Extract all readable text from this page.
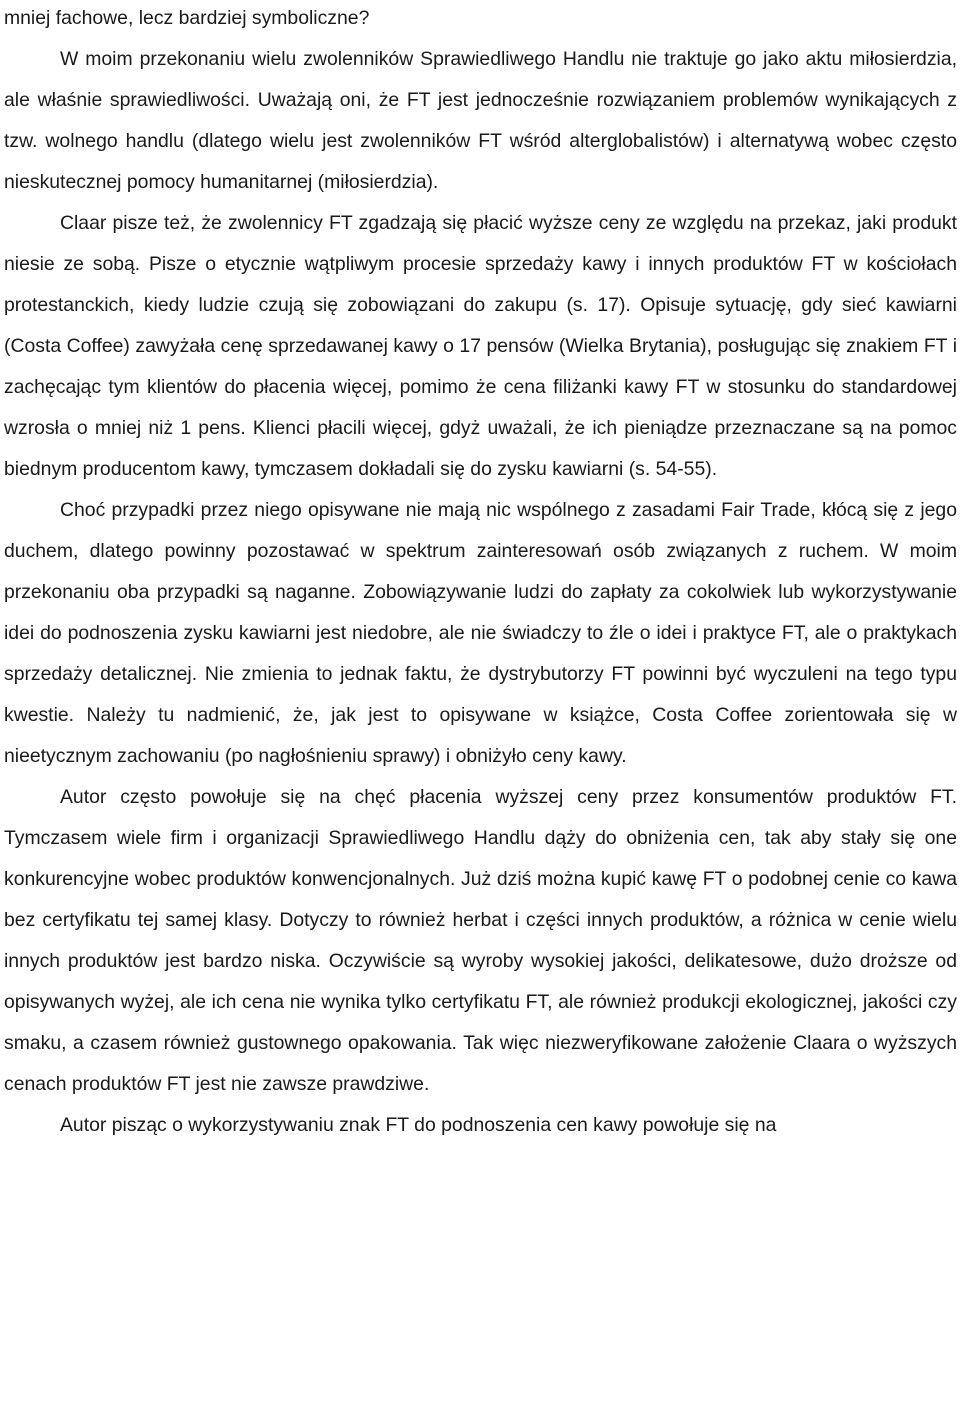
mniej fachowe, lecz bardziej symboliczne?

W moim przekonaniu wielu zwolenników Sprawiedliwego Handlu nie traktuje go jako aktu miłosierdzia, ale właśnie sprawiedliwości. Uważają oni, że FT jest jednocześnie rozwiązaniem problemów wynikających z tzw. wolnego handlu (dlatego wielu jest zwolenników FT wśród alterglobalistów) i alternatywą wobec często nieskutecznej pomocy humanitarnej (miłosierdzia).

Claar pisze też, że zwolennicy FT zgadzają się płacić wyższe ceny ze względu na przekaz, jaki produkt niesie ze sobą. Pisze o etycznie wątpliwym procesie sprzedaży kawy i innych produktów FT w kościołach protestanckich, kiedy ludzie czują się zobowiązani do zakupu (s. 17). Opisuje sytuację, gdy sieć kawiarni (Costa Coffee) zawyżała cenę sprzedawanej kawy o 17 pensów (Wielka Brytania), posługując się znakiem FT i zachęcając tym klientów do płacenia więcej, pomimo że cena filiżanki kawy FT w stosunku do standardowej wzrosła o mniej niż 1 pens. Klienci płacili więcej, gdyż uważali, że ich pieniądze przeznaczane są na pomoc biednym producentom kawy, tymczasem dokładali się do zysku kawiarni (s. 54-55).

Choć przypadki przez niego opisywane nie mają nic wspólnego z zasadami Fair Trade, kłócą się z jego duchem, dlatego powinny pozostawać w spektrum zainteresowań osób związanych z ruchem. W moim przekonaniu oba przypadki są naganne. Zobowiązywanie ludzi do zapłaty za cokolwiek lub wykorzystywanie idei do podnoszenia zysku kawiarni jest niedobre, ale nie świadczy to źle o idei i praktyce FT, ale o praktykach sprzedaży detalicznej. Nie zmienia to jednak faktu, że dystrybutorzy FT powinni być wyczuleni na tego typu kwestie. Należy tu nadmienić, że, jak jest to opisywane w książce, Costa Coffee zorientowała się w nieetycznym zachowaniu (po nagłośnieniu sprawy) i obniżyło ceny kawy.

Autor często powołuje się na chęć płacenia wyższej ceny przez konsumentów produktów FT. Tymczasem wiele firm i organizacji Sprawiedliwego Handlu dąży do obniżenia cen, tak aby stały się one konkurencyjne wobec produktów konwencjonalnych. Już dziś można kupić kawę FT o podobnej cenie co kawa bez certyfikatu tej samej klasy. Dotyczy to również herbat i części innych produktów, a różnica w cenie wielu innych produktów jest bardzo niska. Oczywiście są wyroby wysokiej jakości, delikatesowe, dużo droższe od opisywanych wyżej, ale ich cena nie wynika tylko certyfikatu FT, ale również produkcji ekologicznej, jakości czy smaku, a czasem również gustownego opakowania. Tak więc niezweryfikowane założenie Claara o wyższych cenach produktów FT jest nie zawsze prawdziwe.

Autor pisząc o wykorzystywaniu znak FT do podnoszenia cen kawy powołuje się na
